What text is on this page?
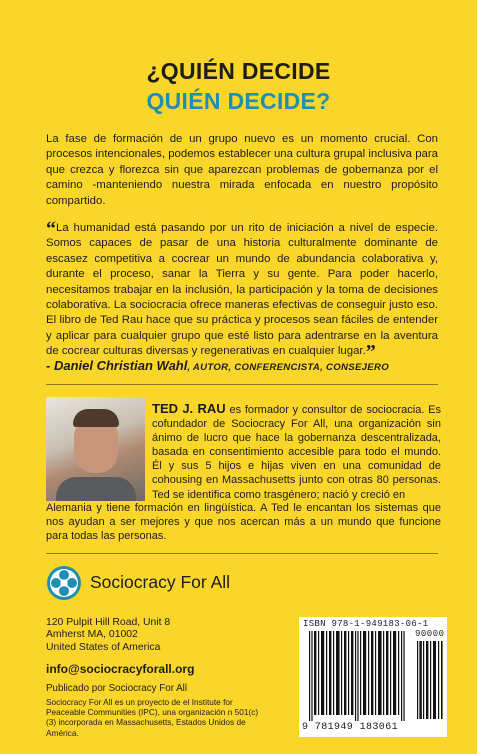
¿QUIÉN DECIDE
QUIÉN DECIDE?
La fase de formación de un grupo nuevo es un momento crucial. Con procesos intencionales, podemos establecer una cultura grupal inclusiva para que crezca y florezca sin que aparezcan problemas de gobernanza por el camino -manteniendo nuestra mirada enfocada en nuestro propósito compartido.
“La humanidad está pasando por un rito de iniciación a nivel de especie. Somos capaces de pasar de una historia culturalmente dominante de escasez competitiva a cocrear un mundo de abundancia colaborativa y, durante el proceso, sanar la Tierra y su gente. Para poder hacerlo, necesitamos trabajar en la inclusión, la participación y la toma de decisiones colaborativa. La sociocracia ofrece maneras efectivas de conseguir justo eso. El libro de Ted Rau hace que su práctica y procesos sean fáciles de entender y aplicar para cualquier grupo que esté listo para adentrarse en la aventura de cocrear culturas diversas y regenerativas en cualquier lugar.”
- Daniel Christian Wahl, AUTOR, CONFERENCISTA, CONSEJERO
TED J. RAU es formador y consultor de sociocracia. Es cofundador de Sociocracy For All, una organización sin ánimo de lucro que hace la gobernanza descentralizada, basada en consentimiento accesible para todo el mundo. Él y sus 5 hijos e hijas viven en una comunidad de cohousing en Massachusetts junto con otras 80 personas. Ted se identifica como trasgénero; nació y creció en
Alemania y tiene formación en lingüística. A Ted le encantan los sistemas que nos ayudan a ser mejores y que nos acercan más a un mundo que funcione para todas las personas.
Sociocracy For All
120 Pulpit Hill Road, Unit 8
Amherst MA, 01002
United States of America
info@sociocracyforall.org
Publicado por Sociocracy For All
Sociocracy For All es un proyecto de el Institute for Peaceable Communities (IPC), una organización n 501(c)(3) incorporada en Massachusetts, Estados Unidos de América.
ISBN 978-1-949183-06-1
90000
9 781949 183061
